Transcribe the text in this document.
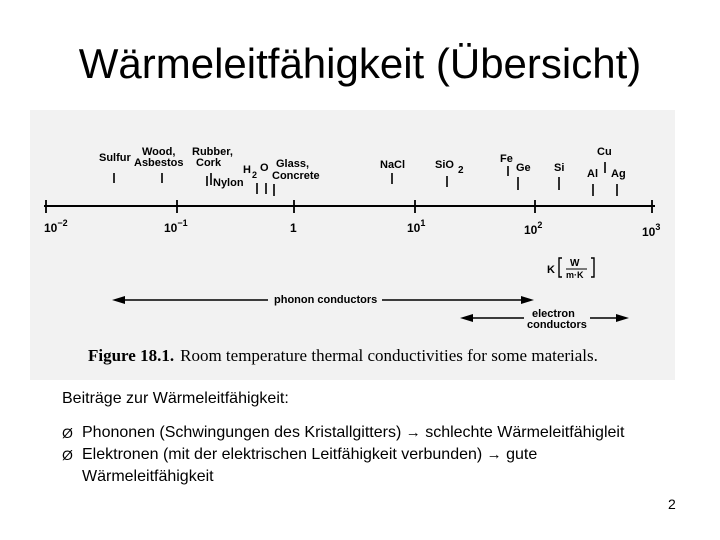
Wärmeleitfähigkeit (Übersicht)
Sulfur Wood,
Asbestos
Rubber,
Cork
Nylon
H 2
O Glass,
Concrete
NaCl	SiO 2
Fe
Ge Si Al
Cu
Ag
$10^{-2}$	$10^{-1}$	1	$10^1$	$10^2$	$10^3$
K
W
m·K
phonon conductors
electron
conductors
Figure 18.1. Room temperature thermal conductivities for some materials.
Beiträge zur Wärmeleitfähigkeit:
Ø Phononen (Schwingungen des Kristallgitters) → schlechte Wärmeleitfähiglеit
Ø Elektronen (mit der elektrischen Leitfähigkeit verbunden) → gute Wärmeleitfähigkeit
2
